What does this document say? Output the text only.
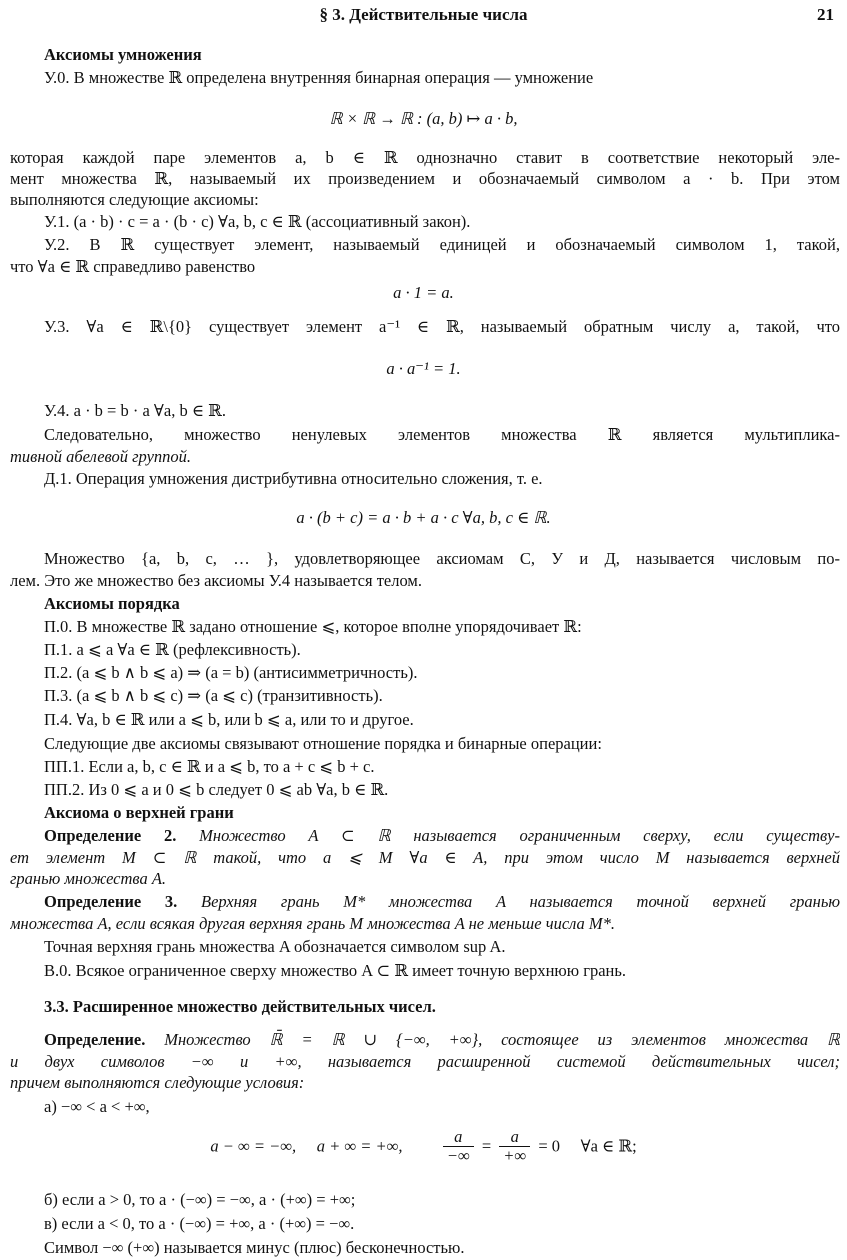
§ 3. Действительные числа	21
Аксиомы умножения
У.0. В множестве ℝ определена внутренняя бинарная операция — умножение
ℝ × ℝ → ℝ : (a, b) ↦ a · b,
которая каждой паре элементов a, b ∈ ℝ однозначно ставит в соответствие некоторый эле-
мент множества ℝ, называемый их произведением и обозначаемый символом a · b. При этом
выполняются следующие аксиомы:
У.1. (a · b) · c = a · (b · c) ∀a, b, c ∈ ℝ (ассоциативный закон).
У.2. В ℝ существует элемент, называемый единицей и обозначаемый символом 1, такой,
что ∀a ∈ ℝ справедливо равенство
a · 1 = a.
У.3. ∀a ∈ ℝ\{0} существует элемент a⁻¹ ∈ ℝ, называемый обратным числу a, такой, что
a · a⁻¹ = 1.
У.4. a · b = b · a ∀a, b ∈ ℝ.
Следовательно, множество ненулевых элементов множества ℝ является мультиплика-
тивной абелевой группой.
Д.1. Операция умножения дистрибутивна относительно сложения, т. е.
a · (b + c) = a · b + a · c ∀a, b, c ∈ ℝ.
Множество {a, b, c, … }, удовлетворяющее аксиомам С, У и Д, называется числовым по-
лем. Это же множество без аксиомы У.4 называется телом.
Аксиомы порядка
П.0. В множестве ℝ задано отношение ⩽, которое вполне упорядочивает ℝ:
П.1. a ⩽ a ∀a ∈ ℝ (рефлексивность).
П.2. (a ⩽ b ∧ b ⩽ a) ⇒ (a = b) (антисимметричность).
П.3. (a ⩽ b ∧ b ⩽ c) ⇒ (a ⩽ c) (транзитивность).
П.4. ∀a, b ∈ ℝ или a ⩽ b, или b ⩽ a, или то и другое.
Следующие две аксиомы связывают отношение порядка и бинарные операции:
ПП.1. Если a, b, c ∈ ℝ и a ⩽ b, то a + c ⩽ b + c.
ПП.2. Из 0 ⩽ a и 0 ⩽ b следует 0 ⩽ ab ∀a, b ∈ ℝ.
Аксиома о верхней грани
Определение 2. Множество A ⊂ ℝ называется ограниченным сверху, если существу-
ет элемент M ⊂ ℝ такой, что a ⩽ M ∀a ∈ A, при этом число M называется верхней
гранью множества A.
Определение 3. Верхняя грань M* множества A называется точной верхней гранью
множества A, если всякая другая верхняя грань M множества A не меньше числа M*.
Точная верхняя грань множества A обозначается символом sup A.
В.0. Всякое ограниченное сверху множество A ⊂ ℝ имеет точную верхнюю грань.
3.3. Расширенное множество действительных чисел.
Определение. Множество ℝ̄ = ℝ ∪ {−∞, +∞}, состоящее из элементов множества ℝ
и двух символов −∞ и +∞, называется расширенной системой действительных чисел;
причем выполняются следующие условия:
а) −∞ < a < +∞,
a − ∞ = −∞,     a + ∞ = +∞, $\frac{a}{-\infty} = \frac{a}{+\infty} = 0$     ∀a ∈ ℝ;
б) если a > 0, то a · (−∞) = −∞, a · (+∞) = +∞;
в) если a < 0, то a · (−∞) = +∞, a · (+∞) = −∞.
Символ −∞ (+∞) называется минус (плюс) бесконечностью.
